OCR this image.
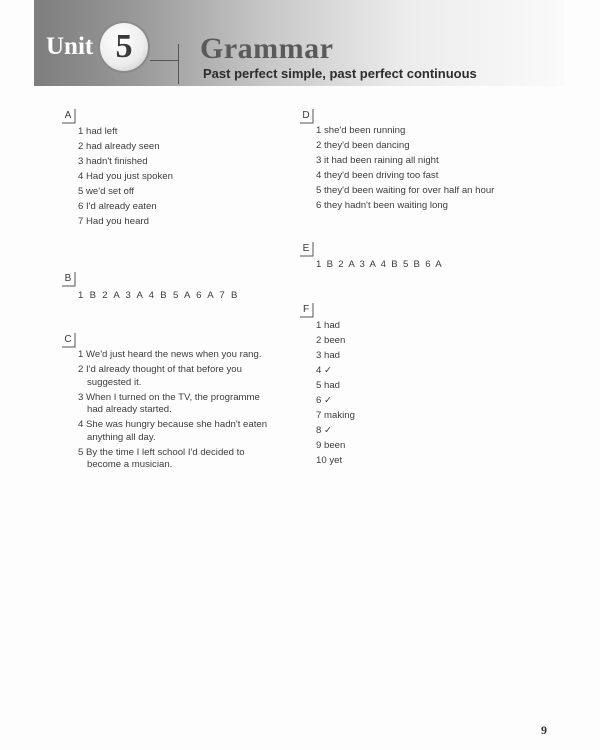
Unit 5	Grammar
Past perfect simple, past perfect continuous
A
1 had left
2 had already seen
3 hadn't finished
4 Had you just spoken
5 we'd set off
6 I'd already eaten
7 Had you heard
B
1 B 2 A 3 A 4 B 5 A 6 A 7 B
C
1 We'd just heard the news when you rang.
2 I'd already thought of that before you
suggested it.
3 When I turned on the TV, the programme
had already started.
4 She was hungry because she hadn't eaten
anything all day.
5 By the time I left school I'd decided to
become a musician.
D
1 she'd been running
2 they'd been dancing
3 it had been raining all night
4 they'd been driving too fast
5 they'd been waiting for over half an hour
6 they hadn't been waiting long
E
1 B 2 A 3 A 4 B 5 B 6 A
F
1 had
2 been
3 had
4 ✓
5 had
6 ✓
7 making
8 ✓
9 been
10 yet
9
